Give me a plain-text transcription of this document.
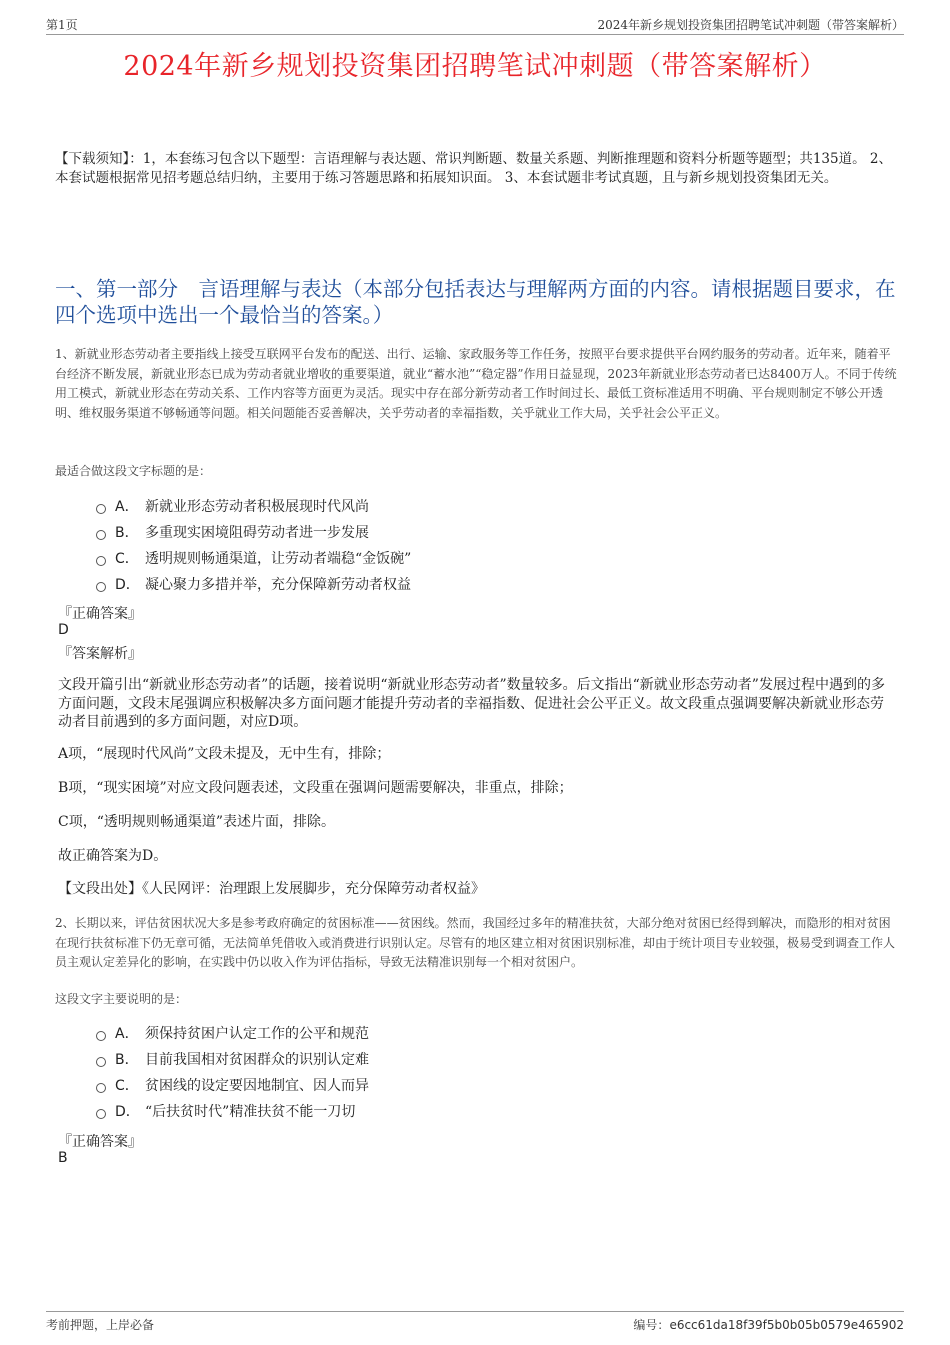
第1页	2024年新乡规划投资集团招聘笔试冲刺题（带答案解析）
2024年新乡规划投资集团招聘笔试冲刺题（带答案解析）
【下载须知】：1，本套练习包含以下题型：言语理解与表达题、常识判断题、数量关系题、判断推理题和资料分析题等题型；共135道。 2、本套试题根据常见招考题总结归纳，主要用于练习答题思路和拓展知识面。 3、本套试题非考试真题，且与新乡规划投资集团无关。
一、第一部分　言语理解与表达（本部分包括表达与理解两方面的内容。请根据题目要求，在四个选项中选出一个最恰当的答案。）
1、新就业形态劳动者主要指线上接受互联网平台发布的配送、出行、运输、家政服务等工作任务，按照平台要求提供平台网约服务的劳动者。近年来，随着平台经济不断发展，新就业形态已成为劳动者就业增收的重要渠道，就业“蓄水池”“稳定器”作用日益显现，2023年新就业形态劳动者已达8400万人。不同于传统用工模式，新就业形态在劳动关系、工作内容等方面更为灵活。现实中存在部分新劳动者工作时间过长、最低工资标准适用不明确、平台规则制定不够公开透明、维权服务渠道不够畅通等问题。相关问题能否妥善解决，关乎劳动者的幸福指数，关乎就业工作大局，关乎社会公平正义。
最适合做这段文字标题的是：
A． 新就业形态劳动者积极展现时代风尚
B． 多重现实困境阻碍劳动者进一步发展
C． 透明规则畅通渠道，让劳动者端稳“金饭碗”
D． 凝心聚力多措并举，充分保障新劳动者权益
『正确答案』
D
『答案解析』
文段开篇引出“新就业形态劳动者”的话题，接着说明“新就业形态劳动者”数量较多。后文指出“新就业形态劳动者”发展过程中遇到的多方面问题，文段末尾强调应积极解决多方面问题才能提升劳动者的幸福指数、促进社会公平正义。故文段重点强调要解决新就业形态劳动者目前遇到的多方面问题，对应D项。
A项，“展现时代风尚”文段未提及，无中生有，排除；
B项，“现实困境”对应文段问题表述，文段重在强调问题需要解决，非重点，排除；
C项，“透明规则畅通渠道”表述片面，排除。
故正确答案为D。
【文段出处】《人民网评：治理跟上发展脚步，充分保障劳动者权益》
2、长期以来，评估贫困状况大多是参考政府确定的贫困标准——贫困线。然而，我国经过多年的精准扶贫，大部分绝对贫困已经得到解决，而隐形的相对贫困在现行扶贫标准下仍无章可循，无法简单凭借收入或消费进行识别认定。尽管有的地区建立相对贫困识别标准，却由于统计项目专业较强，极易受到调查工作人员主观认定差异化的影响，在实践中仍以收入作为评估指标，导致无法精准识别每一个相对贫困户。
这段文字主要说明的是：
A． 须保持贫困户认定工作的公平和规范
B． 目前我国相对贫困群众的识别认定难
C． 贫困线的设定要因地制宜、因人而异
D． “后扶贫时代”精准扶贫不能一刀切
『正确答案』
B
考前押题，上岸必备	编号：e6cc61da18f39f5b0b05b0579e465902
